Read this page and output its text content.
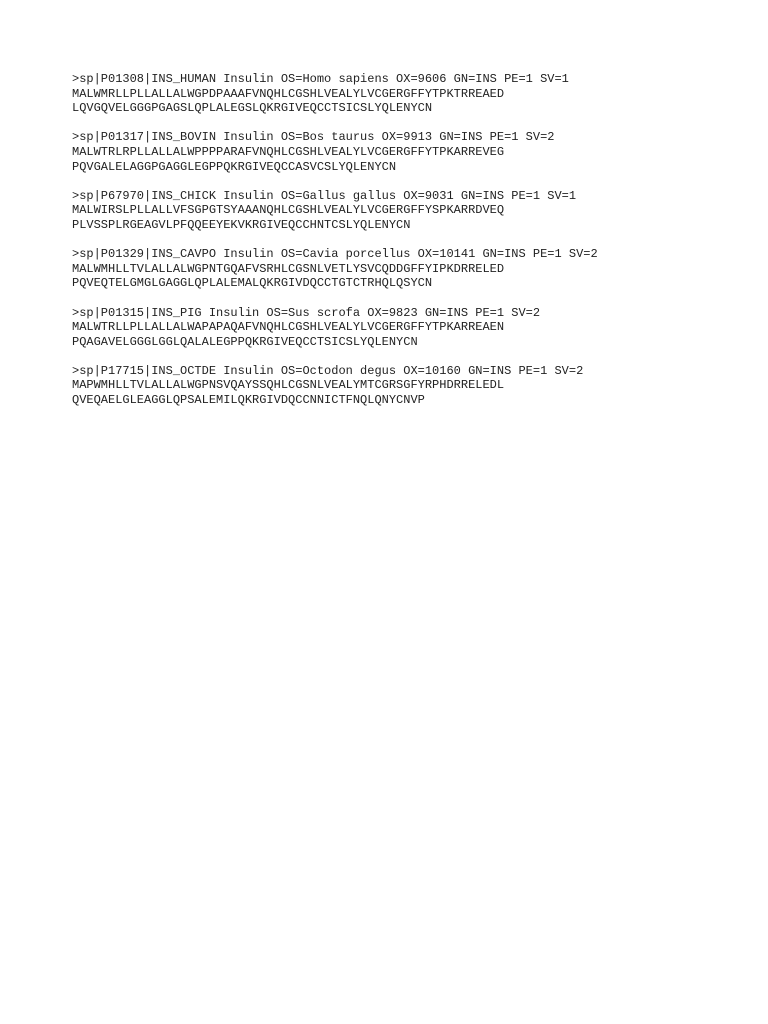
>sp|P01308|INS_HUMAN Insulin OS=Homo sapiens OX=9606 GN=INS PE=1 SV=1
MALWMRLLPLLALLALWGPDPAAAFVNQHLCGSHLVEALYLVCGERGFFYTPKTRREAED
LQVGQVELGGGPGAGSLQPLALEGSLQKRGIVEQCCTSICSLYQLENYCN
>sp|P01317|INS_BOVIN Insulin OS=Bos taurus OX=9913 GN=INS PE=1 SV=2
MALWTRLRPLLALLALWPPPPARAFVNQHLCGSHLVEALYLVCGERGFFYTPKARREVEG
PQVGALELAGGPGAGGLEGPPQKRGIVEQCCASVCSLYQLENYCN
>sp|P67970|INS_CHICK Insulin OS=Gallus gallus OX=9031 GN=INS PE=1 SV=1
MALWIRSLPLLALLVFSGPGTSYAAANQHLCGSHLVEALYLVCGERGFFYSPKARRDVEQ
PLVSSPLRGEAGVLPFQQEEYEKVKRGIVEQCCHNTCSLYQLENYCN
>sp|P01329|INS_CAVPO Insulin OS=Cavia porcellus OX=10141 GN=INS PE=1 SV=2
MALWMHLLTVLALLALWGPNTGQAFVSRHLCGSNLVETLYSVCQDDGFFYIPKDRRELED
PQVEQTELGMGLGAGGLQPLALEMALQKRGIVDQCCTGTCTRHQLQSYCN
>sp|P01315|INS_PIG Insulin OS=Sus scrofa OX=9823 GN=INS PE=1 SV=2
MALWTRLLPLLALLALWAPAPAQAFVNQHLCGSHLVEALYLVCGERGFFYTPKARREAEN
PQAGAVELGGGLGGLQALALEGPPQKRGIVEQCCTSICSLYQLENYCN
>sp|P17715|INS_OCTDE Insulin OS=Octodon degus OX=10160 GN=INS PE=1 SV=2
MAPWMHLLTVLALLALWGPNSVQAYSSQHLCGSNLVEALYMTCGRSGFYRPHDRRELEDL
QVEQAELGLEAGGLQPSALEMILQKRGIVDQCCNNICTFNQLQNYCNVP
